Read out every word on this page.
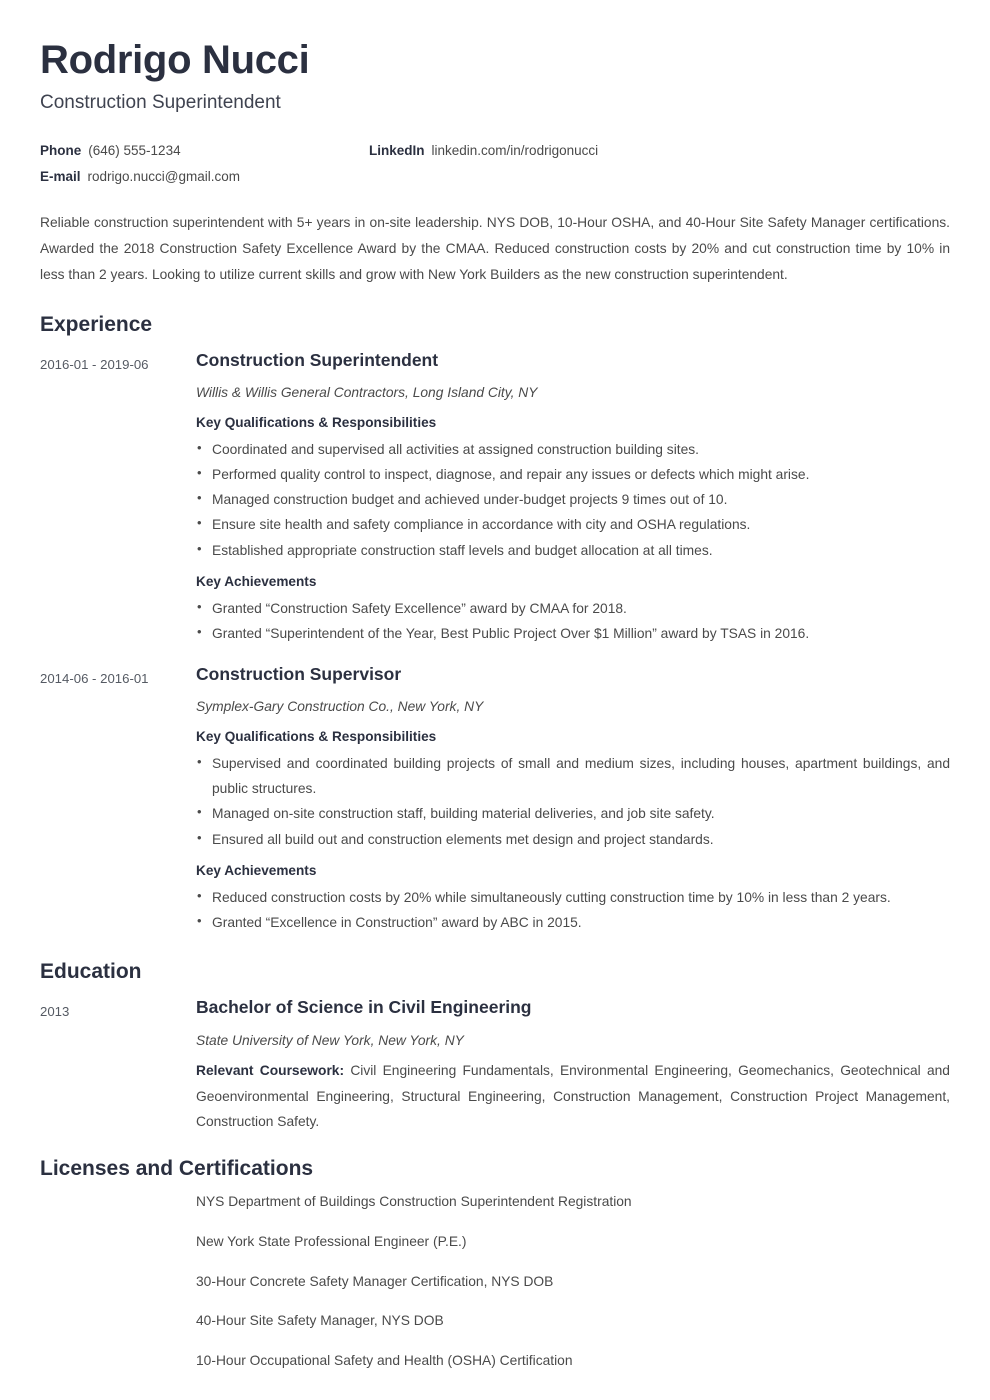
Rodrigo Nucci
Construction Superintendent
Phone (646) 555-1234	LinkedIn linkedin.com/in/rodrigonucci
E-mail rodrigo.nucci@gmail.com
Reliable construction superintendent with 5+ years in on-site leadership. NYS DOB, 10-Hour OSHA, and 40-Hour Site Safety Manager certifications. Awarded the 2018 Construction Safety Excellence Award by the CMAA. Reduced construction costs by 20% and cut construction time by 10% in less than 2 years. Looking to utilize current skills and grow with New York Builders as the new construction superintendent.
Experience
2016-01 - 2019-06	Construction Superintendent
Willis & Willis General Contractors, Long Island City, NY
Key Qualifications & Responsibilities
• Coordinated and supervised all activities at assigned construction building sites.
• Performed quality control to inspect, diagnose, and repair any issues or defects which might arise.
• Managed construction budget and achieved under-budget projects 9 times out of 10.
• Ensure site health and safety compliance in accordance with city and OSHA regulations.
• Established appropriate construction staff levels and budget allocation at all times.
Key Achievements
• Granted “Construction Safety Excellence” award by CMAA for 2018.
• Granted “Superintendent of the Year, Best Public Project Over $1 Million” award by TSAS in 2016.
2014-06 - 2016-01	Construction Supervisor
Symplex-Gary Construction Co., New York, NY
Key Qualifications & Responsibilities
• Supervised and coordinated building projects of small and medium sizes, including houses, apartment buildings, and public structures.
• Managed on-site construction staff, building material deliveries, and job site safety.
• Ensured all build out and construction elements met design and project standards.
Key Achievements
• Reduced construction costs by 20% while simultaneously cutting construction time by 10% in less than 2 years.
• Granted “Excellence in Construction” award by ABC in 2015.
Education
2013	Bachelor of Science in Civil Engineering
State University of New York, New York, NY
Relevant Coursework: Civil Engineering Fundamentals, Environmental Engineering, Geomechanics, Geotechnical and Geoenvironmental Engineering, Structural Engineering, Construction Management, Construction Project Management, Construction Safety.
Licenses and Certifications
NYS Department of Buildings Construction Superintendent Registration
New York State Professional Engineer (P.E.)
30-Hour Concrete Safety Manager Certification, NYS DOB
40-Hour Site Safety Manager, NYS DOB
10-Hour Occupational Safety and Health (OSHA) Certification
